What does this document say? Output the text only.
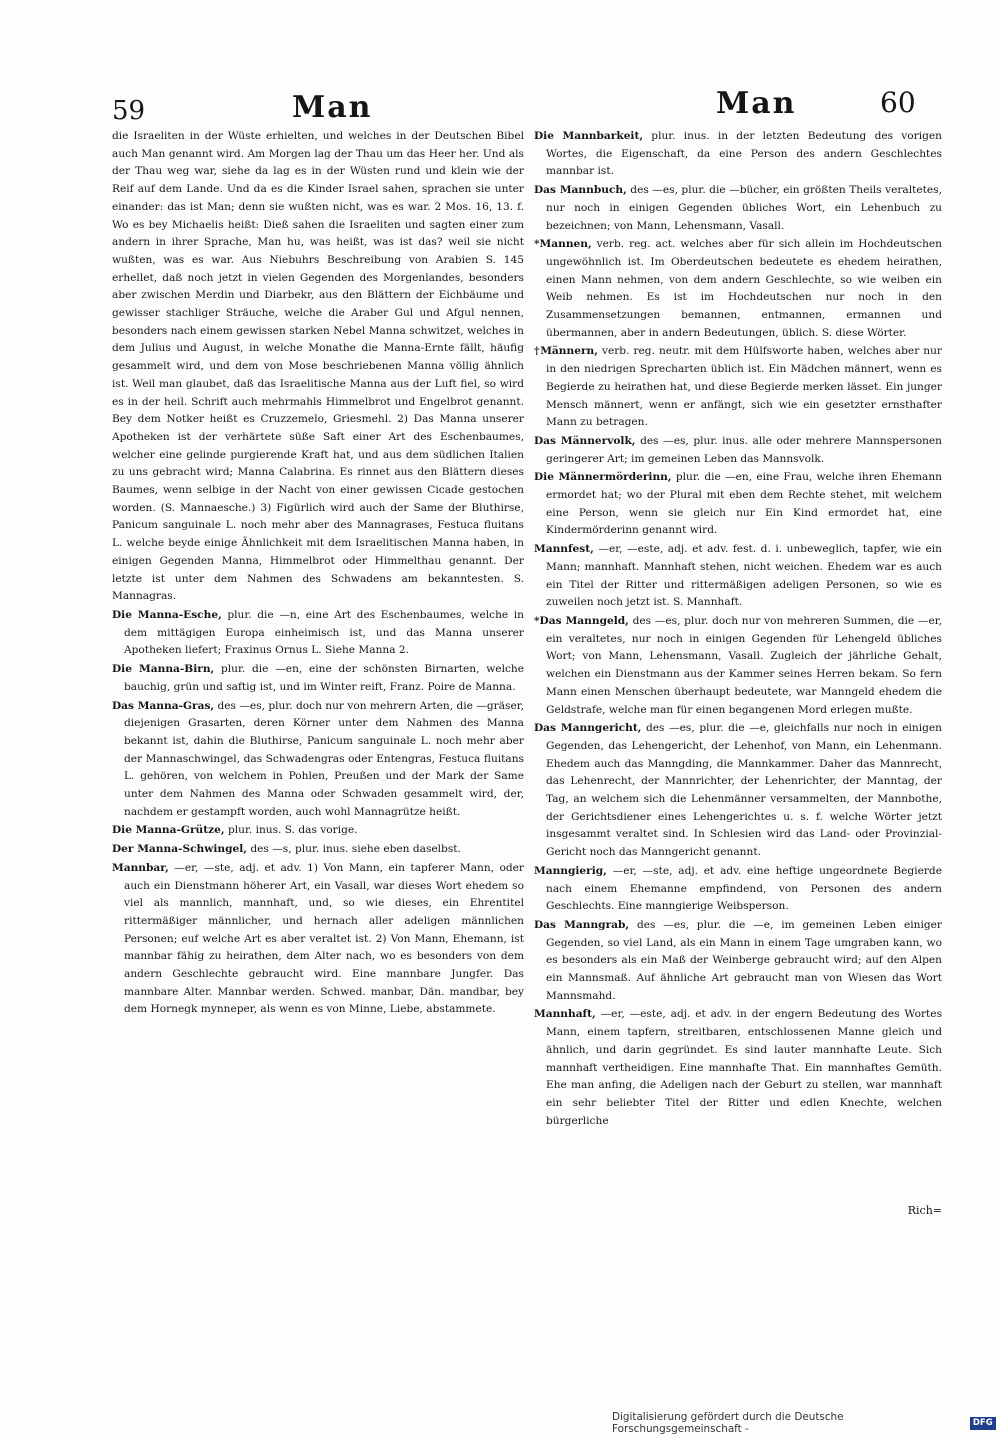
59	Man	Man	60

die Israeliten in der Wüste erhielten, und welches in der Deutschen Bibel auch Man genannt wird. Am Morgen lag der Thau um das Heer her. Und als der Thau weg war, siehe da lag es in der Wüsten rund und klein wie der Reif auf dem Lande. Und da es die Kinder Israel sahen, sprachen sie unter einander: das ist Man; denn sie wußten nicht, was es war. 2 Mos. 16, 13. f. Wo es bey Michaelis heißt: Dieß sahen die Israeliten und sagten einer zum andern in ihrer Sprache, Man hu, was heißt, was ist das? weil sie nicht wußten, was es war. Aus Niebuhrs Beschreibung von Arabien S. 145 erhellet, daß noch jetzt in vielen Gegenden des Morgenlandes, besonders aber zwischen Merdin und Diarbekr, aus den Blättern der Eichbäume und gewisser stachliger Sträuche, welche die Araber Gul und Afgul nennen, besonders nach einem gewissen starken Nebel Manna schwitzet, welches in dem Julius und August, in welche Monathe die Manna-Ernte fällt, häufig gesammelt wird, und dem von Mose beschriebenen Manna völlig ähnlich ist. Weil man glaubet, daß das Israelitische Manna aus der Luft fiel, so wird es in der heil. Schrift auch mehrmahls Himmelbrot und Engelbrot genannt. Bey dem Notker heißt es Cruzzemelo, Griesmehl. 2) Das Manna unserer Apotheken ist der verhärtete süße Saft einer Art des Eschenbaumes, welcher eine gelinde purgierende Kraft hat, und aus dem südlichen Italien zu uns gebracht wird; Manna Calabrina. Es rinnet aus den Blättern dieses Baumes, wenn selbige in der Nacht von einer gewissen Cicade gestochen worden. (S. Mannaesche.) 3) Figürlich wird auch der Same der Bluthirse, Panicum sanguinale L. noch mehr aber des Mannagrases, Festuca fluitans L. welche beyde einige Ähnlichkeit mit dem Israelitischen Manna haben, in einigen Gegenden Manna, Himmelbrot oder Himmelthau genannt. Der letzte ist unter dem Nahmen des Schwadens am bekanntesten. S. Mannagras.

Die Manna-Esche, plur. die —n, eine Art des Eschenbaumes, welche in dem mittägigen Europa einheimisch ist, und das Manna unserer Apotheken liefert; Fraxinus Ornus L. Siehe Manna 2.

Die Manna-Birn, plur. die —en, eine der schönsten Birnarten, welche bauchig, grün und saftig ist, und im Winter reift, Franz. Poire de Manna.

Das Manna-Gras, des —es, plur. doch nur von mehrern Arten, die —gräser, diejenigen Grasarten, deren Körner unter dem Nahmen des Manna bekannt ist, dahin die Bluthirse, Panicum sanguinale L. noch mehr aber der Mannaschwingel, das Schwadengras oder Entengras, Festuca fluitans L. gehören, von welchem in Pohlen, Preußen und der Mark der Same unter dem Nahmen des Manna oder Schwaden gesammelt wird, der, nachdem er gestampft worden, auch wohl Mannagrütze heißt.

Die Manna-Grütze, plur. inus. S. das vorige.

Der Manna-Schwingel, des —s, plur. inus. siehe eben daselbst.

Mannbar, —er, —ste, adj. et adv. 1) Von Mann, ein tapferer Mann, oder auch ein Dienstmann höherer Art, ein Vasall, war dieses Wort ehedem so viel als mannlich, mannhaft, und, so wie dieses, ein Ehrentitel rittermäßiger männlicher, und hernach aller adeligen männlichen Personen; euf welche Art es aber veraltet ist. 2) Von Mann, Ehemann, ist mannbar fähig zu heirathen, dem Alter nach, wo es besonders von dem andern Geschlechte gebraucht wird. Eine mannbare Jungfer. Das mannbare Alter. Mannbar werden. Schwed. manbar, Dän. mandbar, bey dem Hornegk mynneper, als wenn es von Minne, Liebe, abstammete.

Die Mannbarkeit, plur. inus. in der letzten Bedeutung des vorigen Wortes, die Eigenschaft, da eine Person des andern Geschlechtes mannbar ist.

Das Mannbuch, des —es, plur. die —bücher, ein größten Theils veraltetes, nur noch in einigen Gegenden übliches Wort, ein Lehenbuch zu bezeichnen; von Mann, Lehensmann, Vasall.

*Mannen, verb. reg. act. welches aber für sich allein im Hochdeutschen ungewöhnlich ist. Im Oberdeutschen bedeutete es ehedem heirathen, einen Mann nehmen, von dem andern Geschlechte, so wie weiben ein Weib nehmen. Es ist im Hochdeutschen nur noch in den Zusammensetzungen bemannen, entmannen, ermannen und übermannen, aber in andern Bedeutungen, üblich. S. diese Wörter.

†Männern, verb. reg. neutr. mit dem Hülfsworte haben, welches aber nur in den niedrigen Sprecharten üblich ist. Ein Mädchen männert, wenn es Begierde zu heirathen hat, und diese Begierde merken lässet. Ein junger Mensch männert, wenn er anfängt, sich wie ein gesetzter ernsthafter Mann zu betragen.

Das Männervolk, des —es, plur. inus. alle oder mehrere Mannspersonen geringerer Art; im gemeinen Leben das Mannsvolk.

Die Männermörderinn, plur. die —en, eine Frau, welche ihren Ehemann ermordet hat; wo der Plural mit eben dem Rechte stehet, mit welchem eine Person, wenn sie gleich nur Ein Kind ermordet hat, eine Kindermörderinn genannt wird.

Mannfest, —er, —este, adj. et adv. fest. d. i. unbeweglich, tapfer, wie ein Mann; mannhaft. Mannhaft stehen, nicht weichen. Ehedem war es auch ein Titel der Ritter und rittermäßigen adeligen Personen, so wie es zuweilen noch jetzt ist. S. Mannhaft.

*Das Manngeld, des —es, plur. doch nur von mehreren Summen, die —er, ein veraltetes, nur noch in einigen Gegenden für Lehengeld übliches Wort; von Mann, Lehensmann, Vasall. Zugleich der jährliche Gehalt, welchen ein Dienstmann aus der Kammer seines Herren bekam. So fern Mann einen Menschen überhaupt bedeutete, war Manngeld ehedem die Geldstrafe, welche man für einen begangenen Mord erlegen mußte.

Das Manngericht, des —es, plur. die —e, gleichfalls nur noch in einigen Gegenden, das Lehengericht, der Lehenhof, von Mann, ein Lehenmann. Ehedem auch das Manngding, die Mannkammer. Daher das Mannrecht, das Lehenrecht, der Mannrichter, der Lehenrichter, der Manntag, der Tag, an welchem sich die Lehenmänner versammelten, der Mannbothe, der Gerichtsdiener eines Lehengerichtes u. s. f. welche Wörter jetzt insgesammt veraltet sind. In Schlesien wird das Land- oder Provinzial-Gericht noch das Manngericht genannt.

Manngierig, —er, —ste, adj. et adv. eine heftige ungeordnete Begierde nach einem Ehemanne empfindend, von Personen des andern Geschlechts. Eine manngierige Weibsperson.

Das Manngrab, des —es, plur. die —e, im gemeinen Leben einiger Gegenden, so viel Land, als ein Mann in einem Tage umgraben kann, wo es besonders als ein Maß der Weinberge gebraucht wird; auf den Alpen ein Mannsmaß. Auf ähnliche Art gebraucht man von Wiesen das Wort Mannsmahd.

Mannhaft, —er, —este, adj. et adv. in der engern Bedeutung des Wortes Mann, einem tapfern, streitbaren, entschlossenen Manne gleich und ähnlich, und darin gegründet. Es sind lauter mannhafte Leute. Sich mannhaft vertheidigen. Eine mannhafte That. Ein mannhaftes Gemüth. Ehe man anfing, die Adeligen nach der Geburt zu stellen, war mannhaft ein sehr beliebter Titel der Ritter und edlen Knechte, welchen bürgerliche

Rich=
Digitalisierung gefördert durch die Deutsche Forschungsgemeinschaft -	DFG
